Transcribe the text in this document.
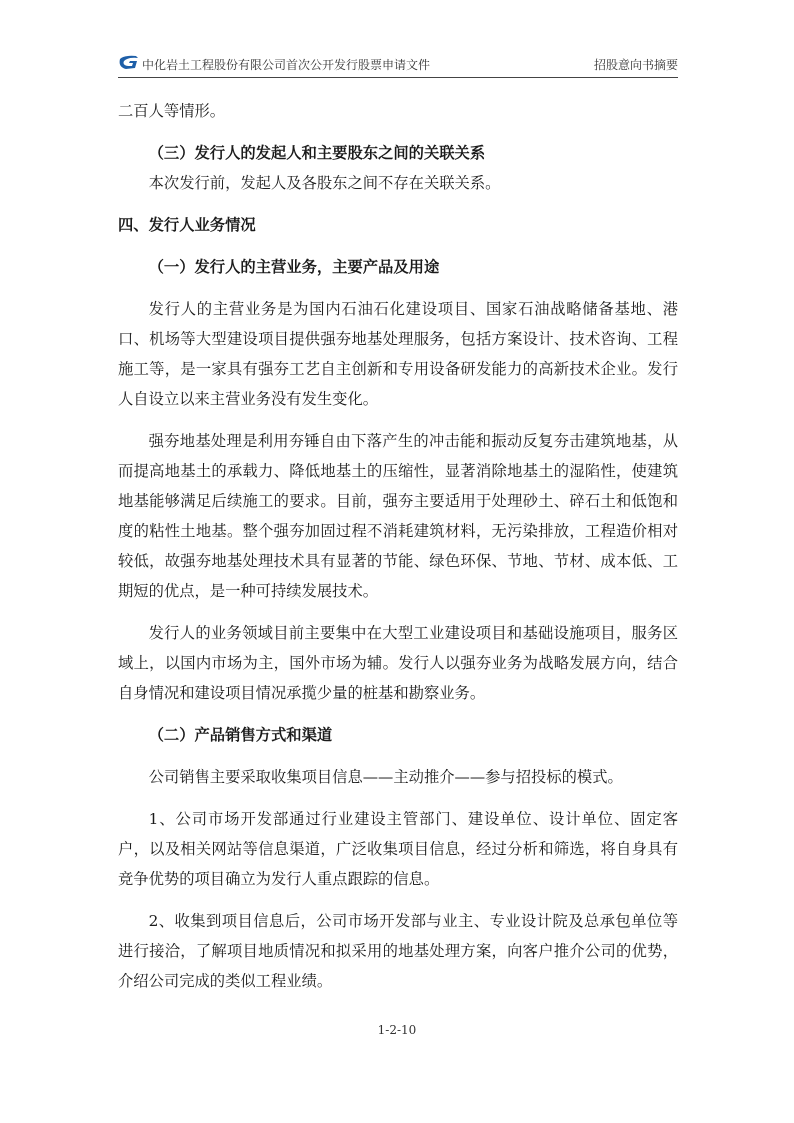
中化岩土工程股份有限公司首次公开发行股票申请文件	招股意向书摘要

二百人等情形。

（三）发行人的发起人和主要股东之间的关联关系

本次发行前，发起人及各股东之间不存在关联关系。

四、发行人业务情况

（一）发行人的主营业务，主要产品及用途

发行人的主营业务是为国内石油石化建设项目、国家石油战略储备基地、港口、机场等大型建设项目提供强夯地基处理服务，包括方案设计、技术咨询、工程施工等，是一家具有强夯工艺自主创新和专用设备研发能力的高新技术企业。发行人自设立以来主营业务没有发生变化。

强夯地基处理是利用夯锤自由下落产生的冲击能和振动反复夯击建筑地基，从而提高地基土的承载力、降低地基土的压缩性，显著消除地基土的湿陷性，使建筑地基能够满足后续施工的要求。目前，强夯主要适用于处理砂土、碎石土和低饱和度的粘性土地基。整个强夯加固过程不消耗建筑材料，无污染排放，工程造价相对较低，故强夯地基处理技术具有显著的节能、绿色环保、节地、节材、成本低、工期短的优点，是一种可持续发展技术。

发行人的业务领域目前主要集中在大型工业建设项目和基础设施项目，服务区域上，以国内市场为主，国外市场为辅。发行人以强夯业务为战略发展方向，结合自身情况和建设项目情况承揽少量的桩基和勘察业务。

（二）产品销售方式和渠道

公司销售主要采取收集项目信息——主动推介——参与招投标的模式。

1、公司市场开发部通过行业建设主管部门、建设单位、设计单位、固定客户，以及相关网站等信息渠道，广泛收集项目信息，经过分析和筛选，将自身具有竞争优势的项目确立为发行人重点跟踪的信息。

2、收集到项目信息后，公司市场开发部与业主、专业设计院及总承包单位等进行接洽，了解项目地质情况和拟采用的地基处理方案，向客户推介公司的优势，介绍公司完成的类似工程业绩。

1-2-10
